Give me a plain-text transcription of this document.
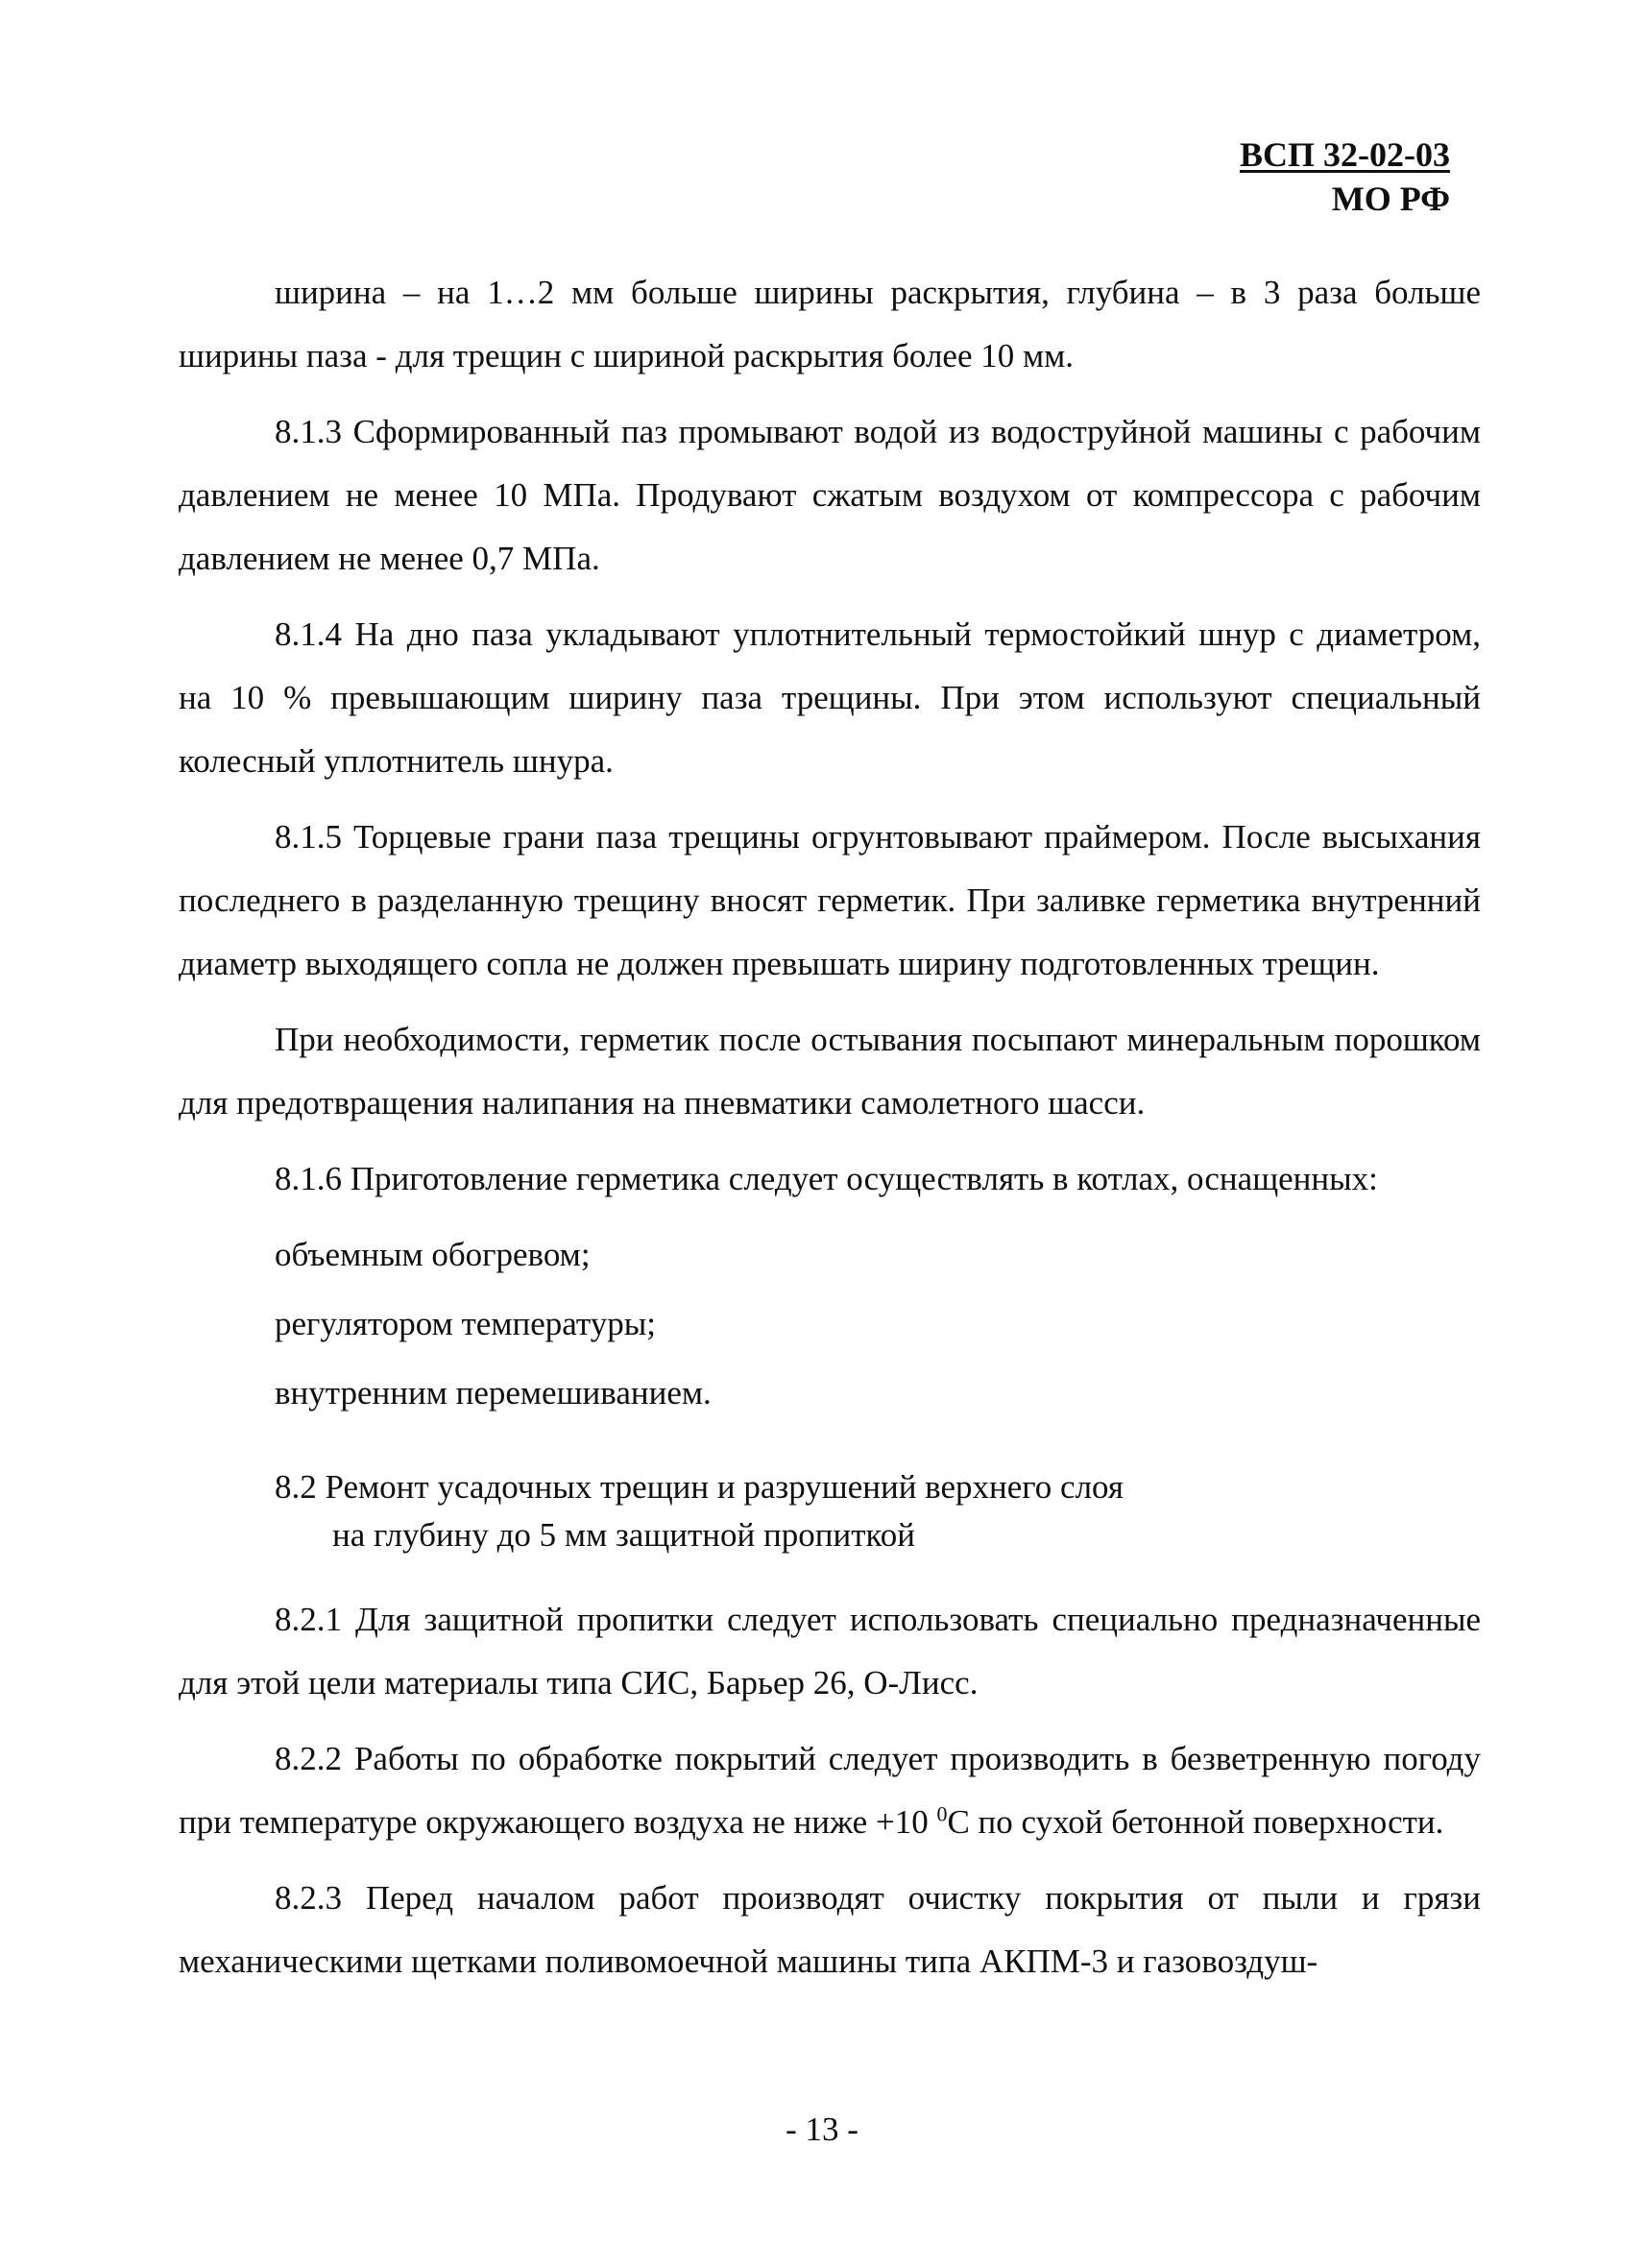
ВСП 32-02-03
МО РФ

ширина – на 1…2 мм больше ширины раскрытия, глубина – в 3 раза больше ширины паза - для трещин с шириной раскрытия более 10 мм.

8.1.3 Сформированный паз промывают водой из водоструйной машины с рабочим давлением не менее 10 МПа. Продувают сжатым воздухом от компрессора с рабочим давлением не менее 0,7 МПа.

8.1.4 На дно паза укладывают уплотнительный термостойкий шнур с диаметром, на 10 % превышающим ширину паза трещины. При этом используют специальный колесный уплотнитель шнура.

8.1.5 Торцевые грани паза трещины огрунтовывают праймером. После высыхания последнего в разделанную трещину вносят герметик. При заливке герметика внутренний диаметр выходящего сопла не должен превышать ширину подготовленных трещин.

При необходимости, герметик после остывания посыпают минеральным порошком для предотвращения налипания на пневматики самолетного шасси.

8.1.6 Приготовление герметика следует осуществлять в котлах, оснащенных:

объемным обогревом;
регулятором температуры;
внутренним перемешиванием.
8.2 Ремонт усадочных трещин и разрушений верхнего слоя
на глубину до 5 мм защитной пропиткой

8.2.1 Для защитной пропитки следует использовать специально предназначенные для этой цели материалы типа СИС, Барьер 26, О-Лисс.

8.2.2 Работы по обработке покрытий следует производить в безветренную погоду при температуре окружающего воздуха не ниже +10 $^0$С по сухой бетонной поверхности.

8.2.3 Перед началом работ производят очистку покрытия от пыли и грязи механическими щетками поливомоечной машины типа АКПМ-3 и газовоздуш-

- 13 -
